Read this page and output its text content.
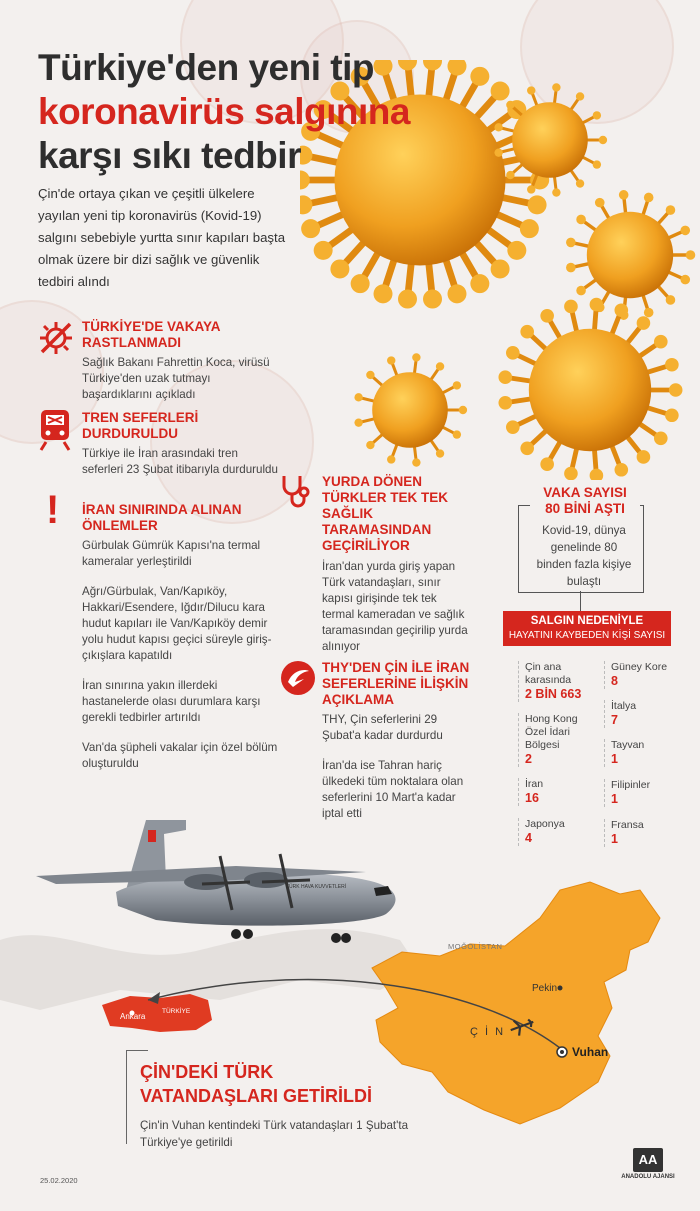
Türkiye'den yeni tip
koronavirüs salgınına
karşı sıkı tedbir
Çin'de ortaya çıkan ve çeşitli ülkelere yayılan yeni tip koronavirüs (Kovid-19) salgını sebebiyle yurtta sınır kapıları başta olmak üzere bir dizi sağlık ve güvenlik tedbiri alındı
TÜRKİYE'DE VAKAYA RASTLANMADI
Sağlık Bakanı Fahrettin Koca, virüsü Türkiye'den uzak tutmayı başardıklarını açıkladı
TREN SEFERLERİ DURDURULDU
Türkiye ile İran arasındaki tren seferleri 23 Şubat itibarıyla durduruldu
! İRAN SINIRINDA ALINAN ÖNLEMLER
Gürbulak Gümrük Kapısı'na termal kameralar yerleştirildi
Ağrı/Gürbulak, Van/Kapıköy, Hakkari/Esendere, Iğdır/Dilucu kara hudut kapıları ile Van/Kapıköy demir yolu hudut kapısı geçici süreyle giriş-çıkışlara kapatıldı
İran sınırına yakın illerdeki hastanelerde olası durumlara karşı gerekli tedbirler artırıldı
Van'da şüpheli vakalar için özel bölüm oluşturuldu
YURDA DÖNEN TÜRKLER TEK TEK SAĞLIK TARAMASINDAN GEÇİRİLİYOR
İran'dan yurda giriş yapan Türk vatandaşları, sınır kapısı girişinde tek tek termal kameradan ve sağlık taramasından geçirilip yurda alınıyor
THY'DEN ÇİN İLE İRAN SEFERLERİNE İLİŞKİN AÇIKLAMA
THY, Çin seferlerini 29 Şubat'a kadar durdurdu
İran'da ise Tahran hariç ülkedeki tüm noktalara olan seferlerini 10 Mart'a kadar iptal etti
VAKA SAYISI
80 BİNİ AŞTI
Kovid-19, dünya genelinde 80 binden fazla kişiye bulaştı
SALGIN NEDENİYLE
HAYATINI KAYBEDEN KİŞİ SAYISI
Çin ana karasında
2 BİN 663
Hong Kong Özel İdari Bölgesi
2
İran
16
Japonya
4
Güney Kore
8
İtalya
7
Tayvan
1
Filipinler
1
Fransa
1
MOĞOLİSTAN
Pekin
Ç İ N
Vuhan
TÜRKİYE
Ankara
TÜRK HAVA KUVVETLERİ
ÇİN'DEKİ TÜRK
VATANDAŞLARI GETİRİLDİ
Çin'in Vuhan kentindeki Türk vatandaşları 1 Şubat'ta Türkiye'ye getirildi
25.02.2020
AA
ANADOLU AJANSI
